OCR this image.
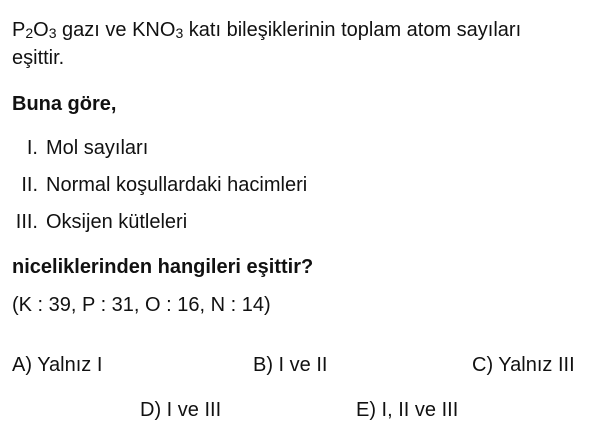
$P_2O_3$ gazı ve $KNO_3$ katı bileşiklerinin toplam atom sayıları
eşittir.
Buna göre,
I. Mol sayıları
II. Normal koşullardaki hacimleri
III. Oksijen kütleleri
niceliklerinden hangileri eşittir?
(K : 39, P : 31, O : 16, N : 14)
A) Yalnız I	B) I ve II	C) Yalnız III
D) I ve III	E) I, II ve III
